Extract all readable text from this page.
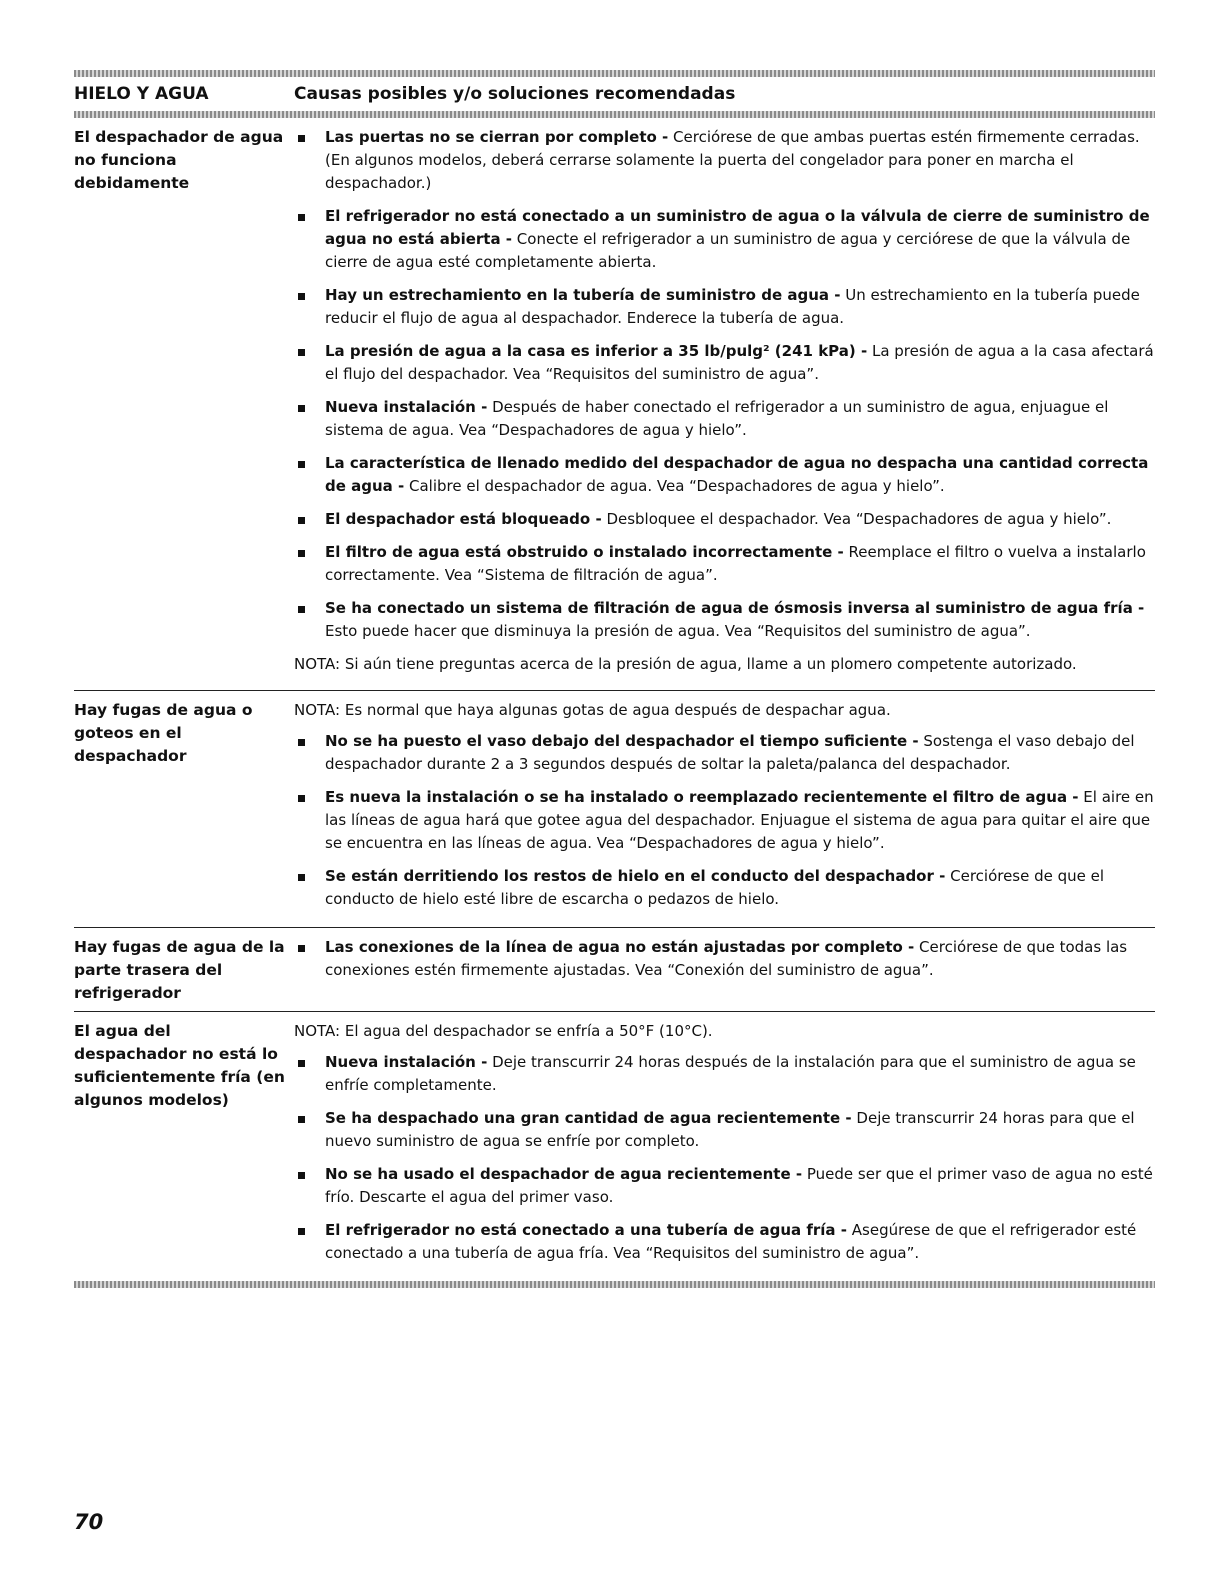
HIELO Y AGUA	Causas posibles y/o soluciones recomendadas
El despachador de agua no funciona debidamente
Las puertas no se cierran por completo - Cerciórese de que ambas puertas estén firmemente cerradas. (En algunos modelos, deberá cerrarse solamente la puerta del congelador para poner en marcha el despachador.)
El refrigerador no está conectado a un suministro de agua o la válvula de cierre de suministro de agua no está abierta - Conecte el refrigerador a un suministro de agua y cerciórese de que la válvula de cierre de agua esté completamente abierta.
Hay un estrechamiento en la tubería de suministro de agua - Un estrechamiento en la tubería puede reducir el flujo de agua al despachador. Enderece la tubería de agua.
La presión de agua a la casa es inferior a 35 lb/pulg² (241 kPa) - La presión de agua a la casa afectará el flujo del despachador. Vea “Requisitos del suministro de agua”.
Nueva instalación - Después de haber conectado el refrigerador a un suministro de agua, enjuague el sistema de agua. Vea “Despachadores de agua y hielo”.
La característica de llenado medido del despachador de agua no despacha una cantidad correcta de agua - Calibre el despachador de agua. Vea “Despachadores de agua y hielo”.
El despachador está bloqueado - Desbloquee el despachador. Vea “Despachadores de agua y hielo”.
El filtro de agua está obstruido o instalado incorrectamente - Reemplace el filtro o vuelva a instalarlo correctamente. Vea “Sistema de filtración de agua”.
Se ha conectado un sistema de filtración de agua de ósmosis inversa al suministro de agua fría - Esto puede hacer que disminuya la presión de agua. Vea “Requisitos del suministro de agua”.
NOTA: Si aún tiene preguntas acerca de la presión de agua, llame a un plomero competente autorizado.
Hay fugas de agua o goteos en el despachador
NOTA: Es normal que haya algunas gotas de agua después de despachar agua.
No se ha puesto el vaso debajo del despachador el tiempo suficiente - Sostenga el vaso debajo del despachador durante 2 a 3 segundos después de soltar la paleta/palanca del despachador.
Es nueva la instalación o se ha instalado o reemplazado recientemente el filtro de agua - El aire en las líneas de agua hará que gotee agua del despachador. Enjuague el sistema de agua para quitar el aire que se encuentra en las líneas de agua. Vea “Despachadores de agua y hielo”.
Se están derritiendo los restos de hielo en el conducto del despachador - Cerciórese de que el conducto de hielo esté libre de escarcha o pedazos de hielo.
Hay fugas de agua de la parte trasera del refrigerador
Las conexiones de la línea de agua no están ajustadas por completo - Cerciórese de que todas las conexiones estén firmemente ajustadas. Vea “Conexión del suministro de agua”.
El agua del despachador no está lo suficientemente fría (en algunos modelos)
NOTA: El agua del despachador se enfría a 50°F (10°C).
Nueva instalación - Deje transcurrir 24 horas después de la instalación para que el suministro de agua se enfríe completamente.
Se ha despachado una gran cantidad de agua recientemente - Deje transcurrir 24 horas para que el nuevo suministro de agua se enfríe por completo.
No se ha usado el despachador de agua recientemente - Puede ser que el primer vaso de agua no esté frío. Descarte el agua del primer vaso.
El refrigerador no está conectado a una tubería de agua fría - Asegúrese de que el refrigerador esté conectado a una tubería de agua fría. Vea “Requisitos del suministro de agua”.
70
